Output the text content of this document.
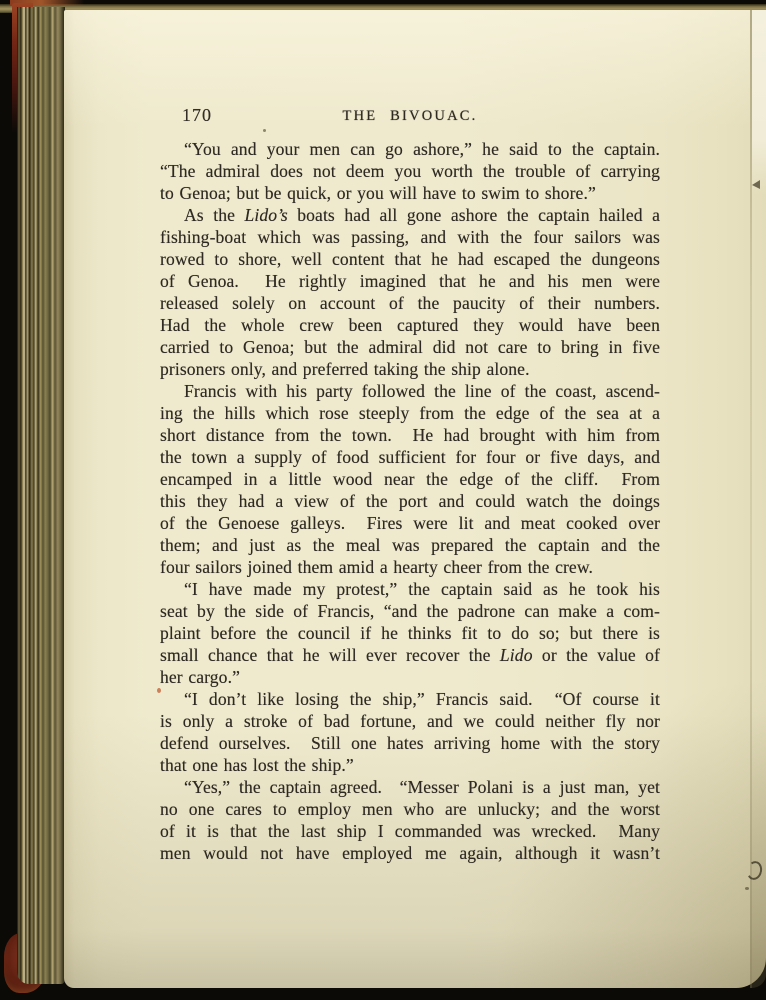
170	THE BIVOUAC.
“You and your men can go ashore,” he said to the captain.
“The admiral does not deem you worth the trouble of carrying
to Genoa; but be quick, or you will have to swim to shore.”
As the Lido’s boats had all gone ashore the captain hailed a
fishing-boat which was passing, and with the four sailors was
rowed to shore, well content that he had escaped the dungeons
of Genoa.  He rightly imagined that he and his men were
released solely on account of the paucity of their numbers.
Had the whole crew been captured they would have been
carried to Genoa; but the admiral did not care to bring in five
prisoners only, and preferred taking the ship alone.
Francis with his party followed the line of the coast, ascend-
ing the hills which rose steeply from the edge of the sea at a
short distance from the town.  He had brought with him from
the town a supply of food sufficient for four or five days, and
encamped in a little wood near the edge of the cliff.  From
this they had a view of the port and could watch the doings
of the Genoese galleys.  Fires were lit and meat cooked over
them; and just as the meal was prepared the captain and the
four sailors joined them amid a hearty cheer from the crew.
“I have made my protest,” the captain said as he took his
seat by the side of Francis, “and the padrone can make a com-
plaint before the council if he thinks fit to do so; but there is
small chance that he will ever recover the Lido or the value of
her cargo.”
“I don’t like losing the ship,” Francis said.  “Of course it
is only a stroke of bad fortune, and we could neither fly nor
defend ourselves.  Still one hates arriving home with the story
that one has lost the ship.”
“Yes,” the captain agreed.  “Messer Polani is a just man, yet
no one cares to employ men who are unlucky; and the worst
of it is that the last ship I commanded was wrecked.  Many
men would not have employed me again, although it wasn’t
